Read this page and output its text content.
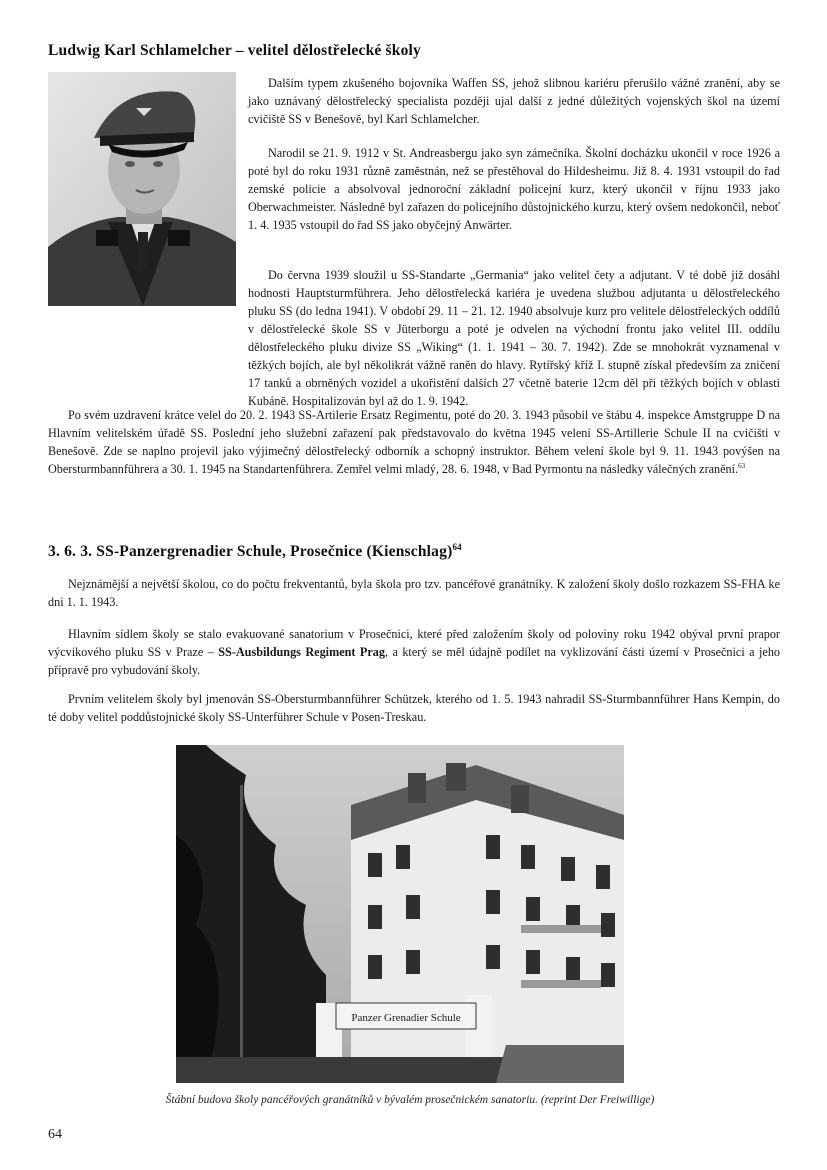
Ludwig Karl Schlamelcher – velitel dělostřelecké školy

Dalším typem zkušeného bojovníka Waffen SS, jehož slibnou kariéru přerušilo vážné zranění, aby se jako uznávaný dělostřelecký specialista později ujal další z jedné důležitých vojenských škol na území cvičiště SS v Benešově, byl Karl Schlamelcher.

Narodil se 21. 9. 1912 v St. Andreasbergu jako syn zámečníka. Školní docházku ukončil v roce 1926 a poté byl do roku 1931 různě zaměstnán, než se přestěhoval do Hildesheimu. Již 8. 4. 1931 vstoupil do řad zemské policie a absolvoval jednoroční základní policejní kurz, který ukončil v říjnu 1933 jako Oberwachmeister. Následně byl zařazen do policejního důstojnického kurzu, který ovšem nedokončil, neboť 1. 4. 1935 vstoupil do řad SS jako obyčejný Anwärter.

Do června 1939 sloužil u SS-Standarte „Germania“ jako velitel čety a adjutant. V té době již dosáhl hodnosti Hauptsturmführera. Jeho dělostřelecká kariéra je uvedena službou adjutanta u dělostřeleckého pluku SS (do ledna 1941). V období 29. 11 – 21. 12. 1940 absolvuje kurz pro velitele dělostřeleckých oddílů v dělostřelecké škole SS v Jüterborgu a poté je odvelen na východní frontu jako velitel III. oddílu dělostřeleckého pluku divize SS „Wiking“ (1. 1. 1941 – 30. 7. 1942). Zde se mnohokrát vyznamenal v těžkých bojích, ale byl několikrát vážně raněn do hlavy. Rytířský kříž I. stupně získal především za zničení 17 tanků a obrněných vozidel a ukořistění dalších 27 včetně baterie 12cm děl při těžkých bojích v oblasti Kubáně. Hospitalizován byl až do 1. 9. 1942.

Po svém uzdravení krátce velel do 20. 2. 1943 SS-Artilerie Ersatz Regimentu, poté do 20. 3. 1943 působil ve štábu 4. inspekce Amstgruppe D na Hlavním velitelském úřadě SS. Poslední jeho služební zařazení pak představovalo do května 1945 velení SS-Artillerie Schule II na cvičišti v Benešově. Zde se naplno projevil jako výjimečný dělostřelecký odborník a schopný instruktor. Během velení škole byl 9. 11. 1943 povýšen na Obersturmbannführera a 30. 1. 1945 na Standartenführera. Zemřel velmi mladý, 28. 6. 1948, v Bad Pyrmontu na následky válečných zranění.$^{63}$

3. 6. 3. SS-Panzergrenadier Schule, Prosečnice (Kienschlag)$^{64}$

Nejznámější a největší školou, co do počtu frekventantů, byla škola pro tzv. pancéřové granátníky. K založení školy došlo rozkazem SS-FHA ke dni 1. 1. 1943.

Hlavním sídlem školy se stalo evakuované sanatorium v Prosečnici, které před založením školy od poloviny roku 1942 obýval první prapor výcvikového pluku SS v Praze – SS-Ausbildungs Regiment Prag, a který se měl údajně podílet na vyklizování části území v Prosečnici a jeho přípravě pro vybudování školy.

Prvním velitelem školy byl jmenován SS-Obersturmbannführer Schützek, kterého od 1. 5. 1943 nahradil SS-Sturmbannführer Hans Kempin, do té doby velitel poddůstojnické školy SS-Unterführer Schule v Posen-Treskau.

Panzer Grenadier Schule

Štábní budova školy pancéřových granátníků v bývalém prosečnickém sanatoriu. (reprint Der Freiwillige)

64
